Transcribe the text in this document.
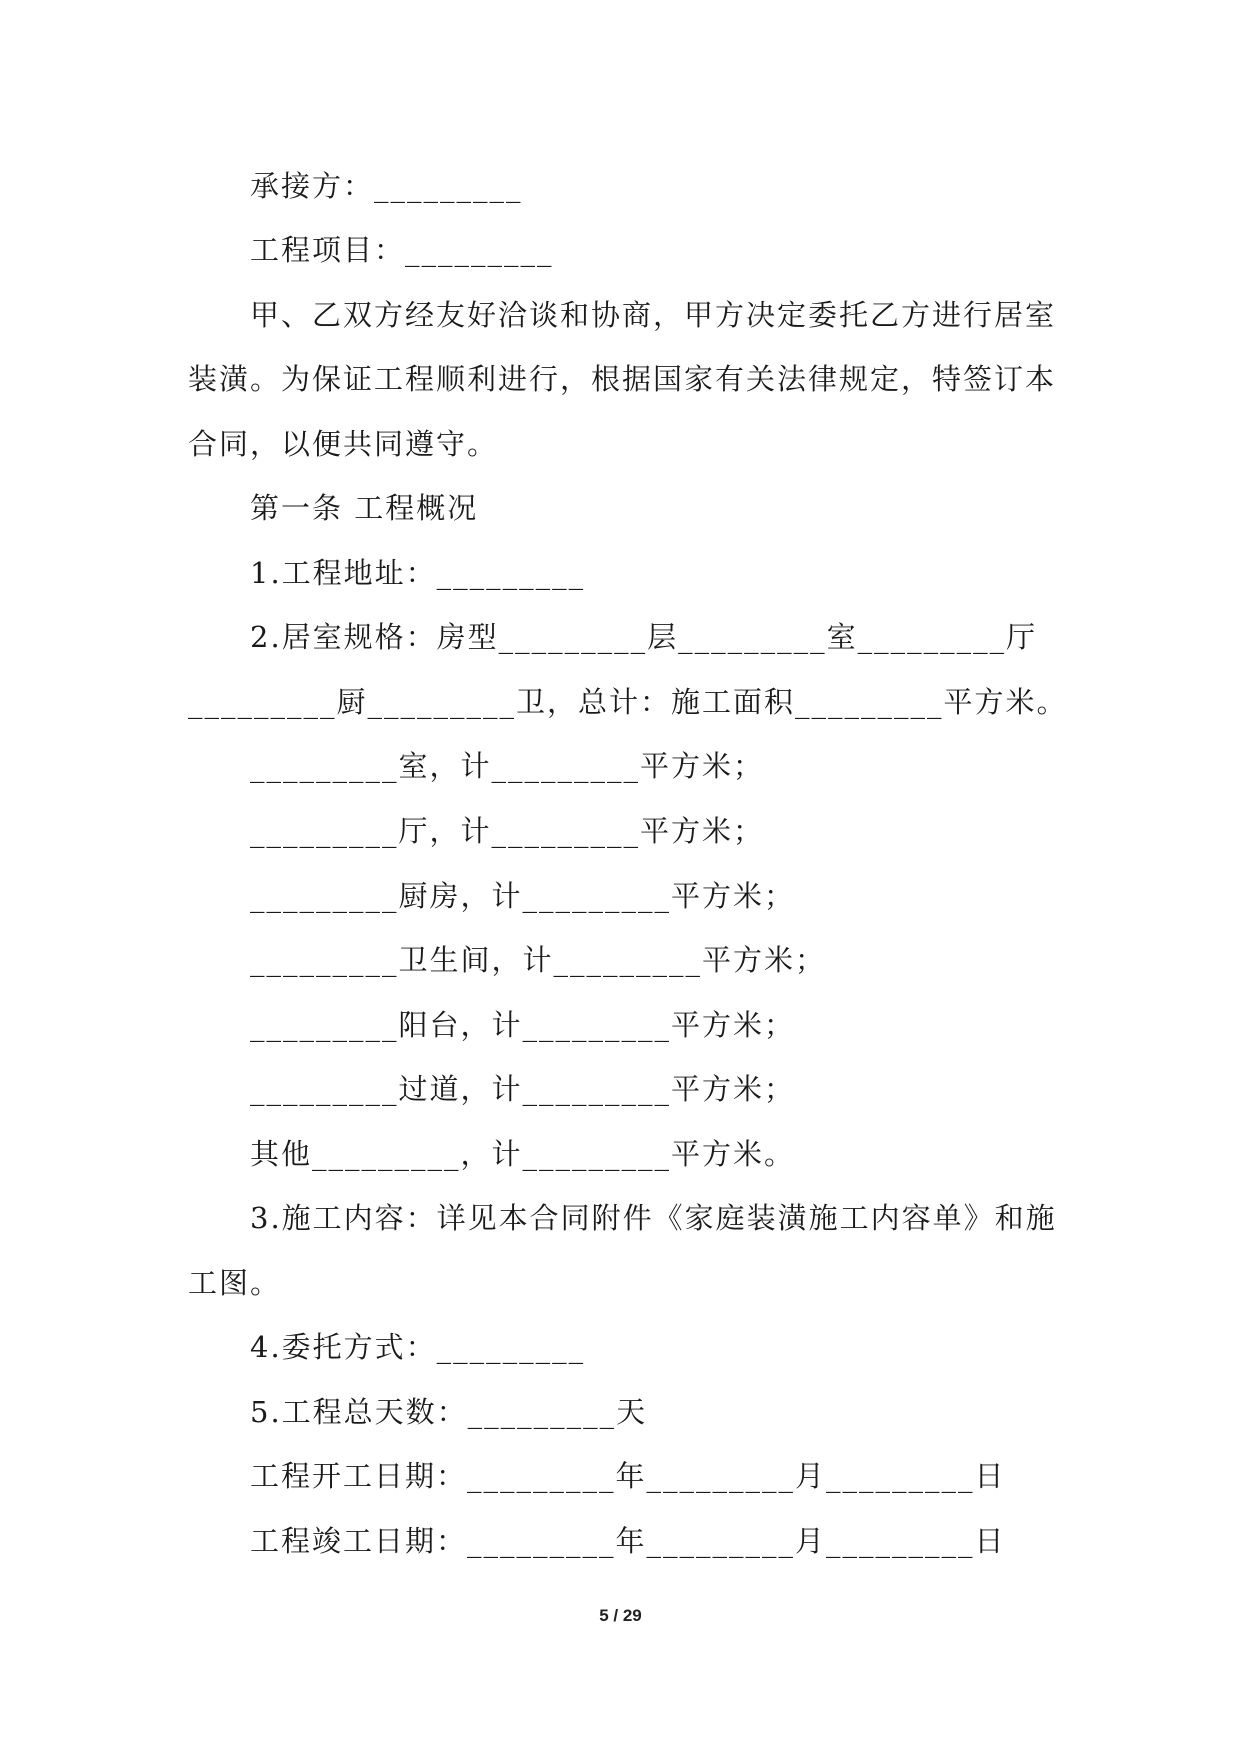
承接方：_________
工程项目：_________
甲、乙双方经友好洽谈和协商，甲方决定委托乙方进行居室
装潢。为保证工程顺利进行，根据国家有关法律规定，特签订本
合同，以便共同遵守。
第一条 工程概况
1.工程地址：_________
2.居室规格：房型_________层_________室_________厅
_________厨_________卫，总计：施工面积_________平方米。
_________室，计_________平方米；
_________厅，计_________平方米；
_________厨房，计_________平方米；
_________卫生间，计_________平方米；
_________阳台，计_________平方米；
_________过道，计_________平方米；
其他_________，计_________平方米。
3.施工内容：详见本合同附件《家庭装潢施工内容单》和施
工图。
4.委托方式：_________
5.工程总天数：_________天
工程开工日期：_________年_________月_________日
工程竣工日期：_________年_________月_________日
5 / 29
